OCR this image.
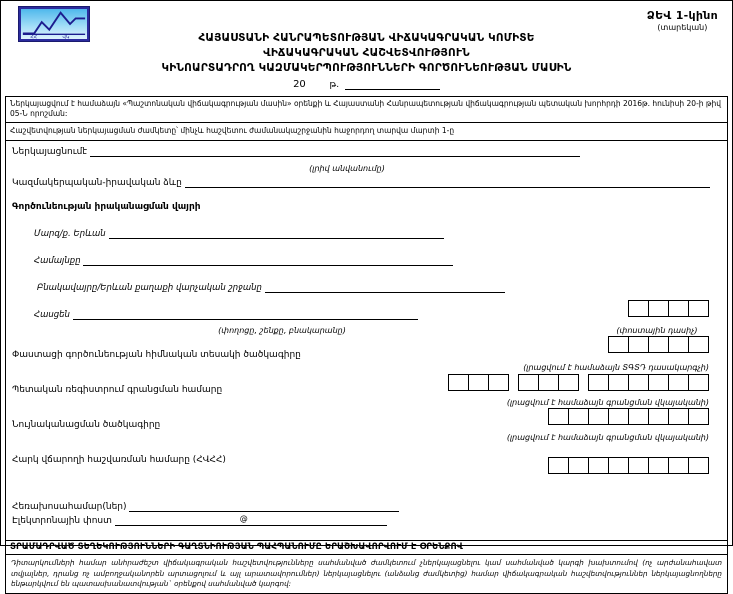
ՀՀ	ՎԿ
ՁԵՎ 1-կինո
(տարեկան)
ՀԱՅԱՍՏԱՆԻ ՀԱՆՐԱՊԵՏՈՒԹՅԱՆ ՎԻՃԱԿԱԳՐԱԿԱՆ ԿՈՄԻՏԵ
ՎԻՃԱԿԱԳՐԱԿԱՆ ՀԱՇՎԵՏՎՈՒԹՅՈՒՆ
ԿԻՆՈԱՐՏԱԴՐՈՂ ԿԱԶՄԱԿԵՐՊՈՒԹՅՈՒՆՆԵՐԻ ԳՈՐԾՈՒՆԵՈՒԹՅԱՆ ՄԱՍԻՆ
20	թ.
Ներկայացվում է համաձայն «Պաշտոնական վիճակագրության մասին» օրենքի և Հայաստանի Հանրապետության վիճակագրության պետական խորհրդի 2016թ. հունիսի 20-ի թիվ 05-Ն որոշման:
Հաշվետվության ներկայացման ժամկետը՝ մինչև հաշվետու ժամանակաշրջանին հաջորդող տարվա մարտի 1-ը
Ներկայացնումէ
(լրիվ անվանումը)
Կազմակերպական-իրավական ձևը
Գործունեության իրականացման վայրի
Մարզ/ք. Երևան
Համայնքը
Բնակավայրը/Երևան քաղաքի վարչական շրջանը
Հասցեն

(փողոցը, շենքը, բնակարանը)	(փոստային դասիչ)
Փաստացի գործունեության հիմնական տեսակի ծածկագիրը

(լրացվում է համաձայն ՏԳՏԴ դասակարգչի)
Պետական ռեգիստրում գրանցման համարը

(լրացվում է համաձայն գրանցման վկայականի)
Նույնականացման ծածկագիրը

(լրացվում է համաձայն գրանցման վկայականի)
Հարկ վճարողի հաշվառման համարը (ՀՎՀՀ)

Հեռախոսահամար(ներ)
Էլեկտրոնային փոստ	@
ՏՐԱՄԱԴՐՎԱԾ ՏԵՂԵԿՈՒԹՅՈՒՆՆԵՐԻ ԳԱՂՏՆԻՈՒԹՅԱՆ ՊԱՀՊԱՆՈՒՄԸ ԵՐԱՇԽԱՎՈՐՎՈՒՄ Է ՕՐԵՆՔՈՎ
Դիտարկումների համար անհրաժեշտ վիճակագրական հաշվետվությունները սահմանված ժամկետում չներկայացնելու կամ սահմանված կարգի խախտումով (ոչ արժանահավատ տվյալներ, դրանց ոչ ամբողջականորեն արտացոլում և այլ արատավորումներ) ներկայացնելու (անձանց ժամկետից) համար վիճակագրական հաշվետվություններ ներկայացնողները ենթարկվում են պատասխանատվության` օրենքով սահմանված կարգով:
